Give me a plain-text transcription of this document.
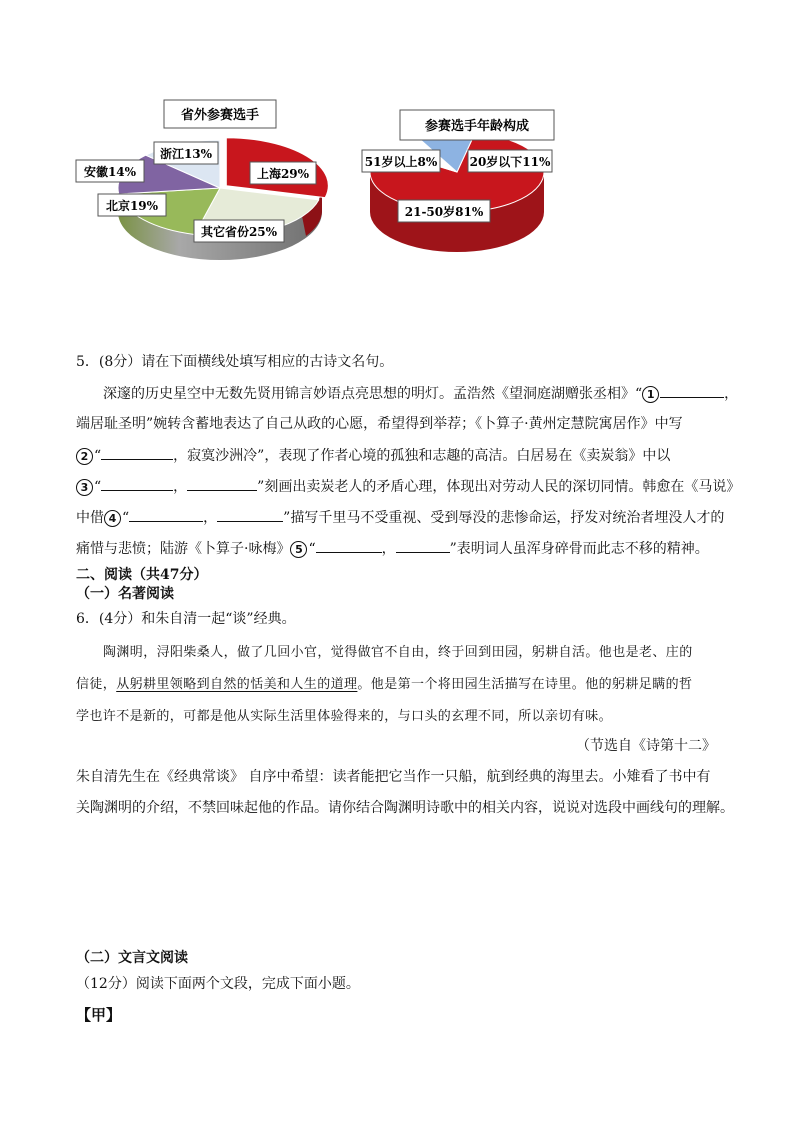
省外参赛选手
浙江13%
安徽14%
北京19%
上海29%
其它省份25%
参赛选手年龄构成
51岁以上8%	20岁以下11%
21-50岁81%
5．(8分）请在下面横线处填写相应的古诗文名句。
深邃的历史星空中无数先贤用锦言妙语点亮思想的明灯。孟浩然《望洞庭湖赠张丞相》“ 1	，
端居耻圣明”婉转含蓄地表达了自己从政的心愿，希望得到举荐；《卜算子·黄州定慧院寓居作》中写
2 “	，寂寞沙洲冷”，表现了作者心境的孤独和志趣的高洁。白居易在《卖炭翁》中以
3 “	，	”刻画出卖炭老人的矛盾心理，体现出对劳动人民的深切同情。韩愈在《马说》
中借 4 “	，	”描写千里马不受重视、受到辱没的悲惨命运，抒发对统治者埋没人才的
痛惜与悲愤；陆游《卜算子·咏梅》 5 “	，	”表明词人虽浑身碎骨而此志不移的精神。
二、阅读（共47分）
（一）名著阅读
6．(4分）和朱自清一起“谈”经典。
陶渊明，浔阳柴桑人，做了几回小官，觉得做官不自由，终于回到田园，躬耕自活。他也是老、庄的
信徒，从躬耕里领略到自然的恬美和人生的道理。他是第一个将田园生活描写在诗里。他的躬耕足瞒的哲
学也许不是新的，可都是他从实际生活里体验得来的，与口头的玄理不同，所以亲切有味。
（节选自《诗第十二》
朱自清先生在《经典常谈》 自序中希望：读者能把它当作一只船，航到经典的海里去。小雉看了书中有
关陶渊明的介绍，不禁回味起他的作品。请你结合陶渊明诗歌中的相关内容，说说对选段中画线句的理解。
（二）文言文阅读
（12分）阅读下面两个文段，完成下面小题。
【甲】
